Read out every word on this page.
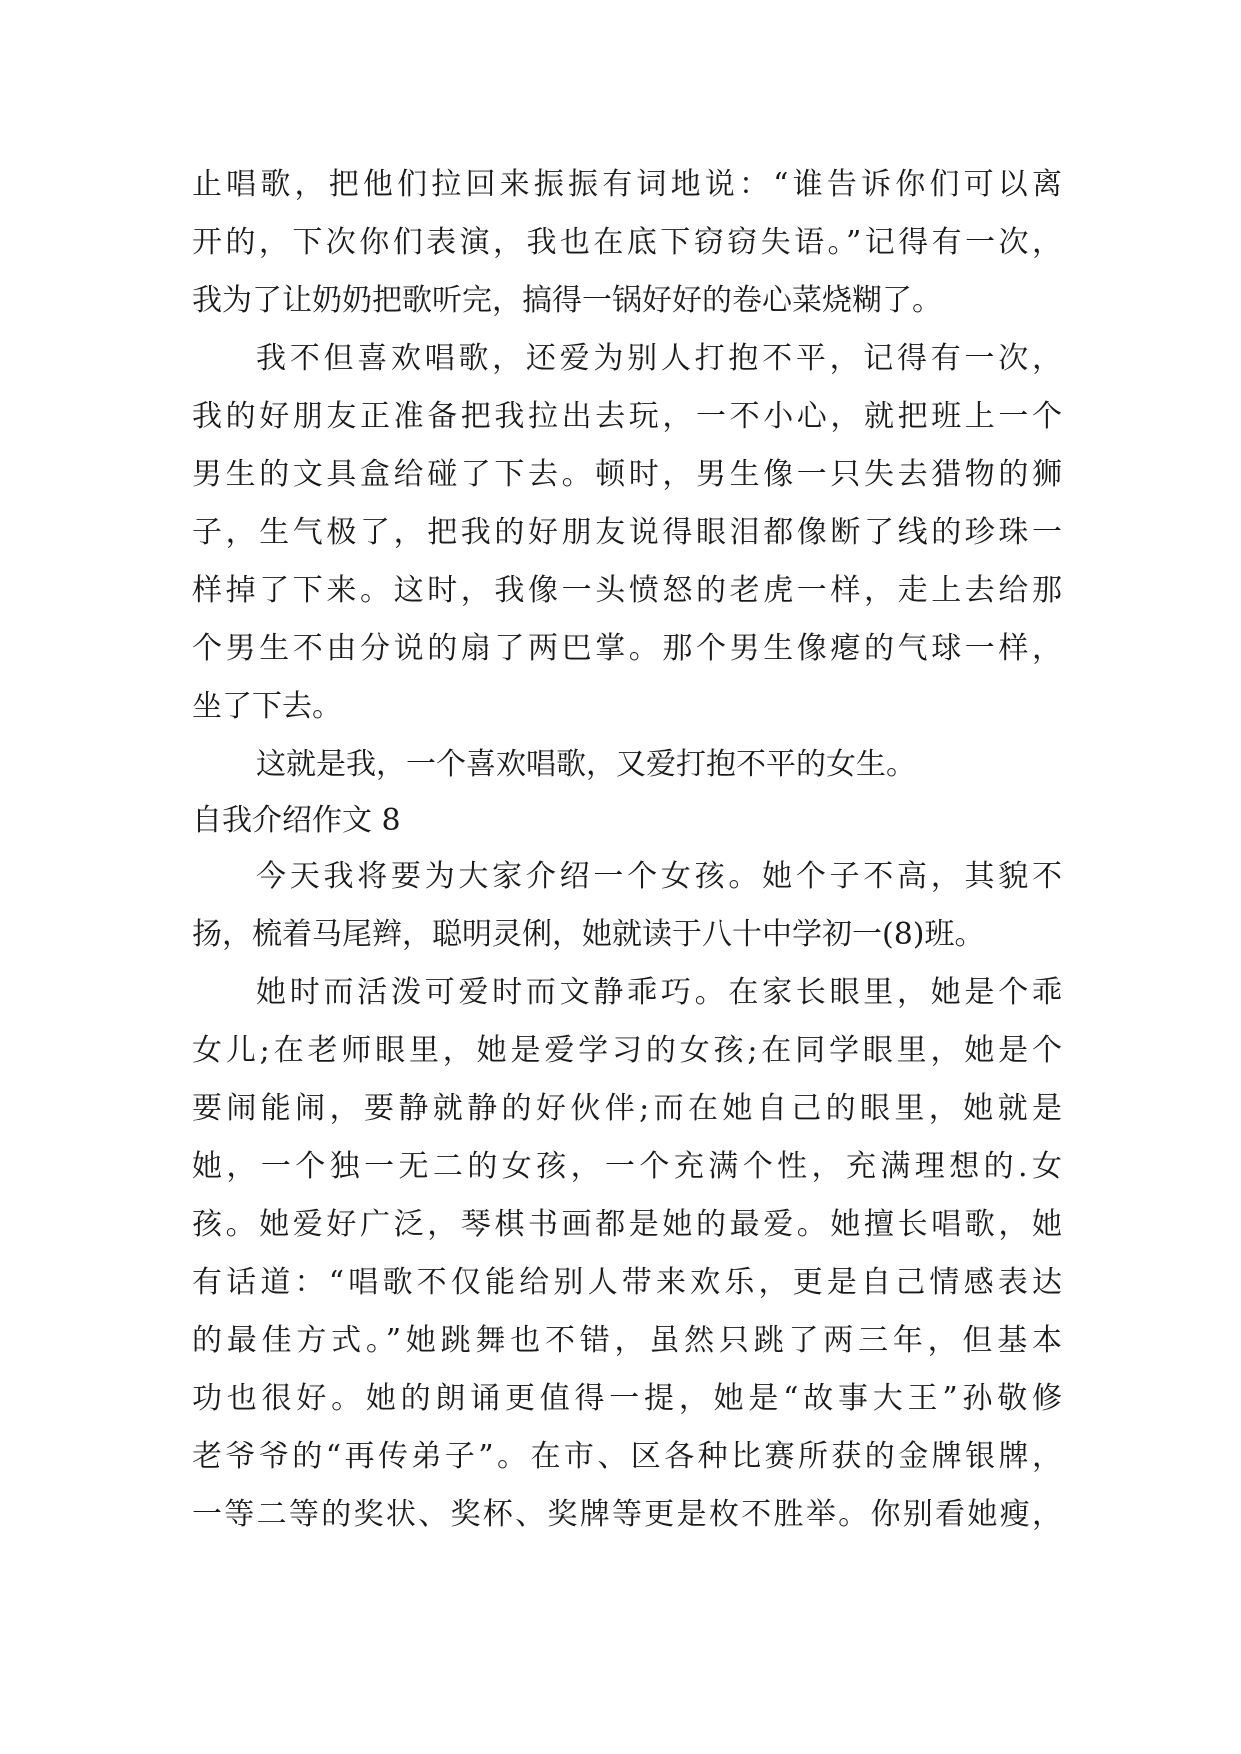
止唱歌，把他们拉回来振振有词地说：“谁告诉你们可以离
开的，下次你们表演，我也在底下窃窃失语。”记得有一次，
我为了让奶奶把歌听完，搞得一锅好好的卷心菜烧糊了。
我不但喜欢唱歌，还爱为别人打抱不平，记得有一次，
我的好朋友正准备把我拉出去玩，一不小心，就把班上一个
男生的文具盒给碰了下去。顿时，男生像一只失去猎物的狮
子，生气极了，把我的好朋友说得眼泪都像断了线的珍珠一
样掉了下来。这时，我像一头愤怒的老虎一样，走上去给那
个男生不由分说的扇了两巴掌。那个男生像瘪的气球一样，
坐了下去。
这就是我，一个喜欢唱歌，又爱打抱不平的女生。
自我介绍作文 8
今天我将要为大家介绍一个女孩。她个子不高，其貌不
扬，梳着马尾辫，聪明灵俐，她就读于八十中学初一(8)班。
她时而活泼可爱时而文静乖巧。在家长眼里，她是个乖
女儿;在老师眼里，她是爱学习的女孩;在同学眼里，她是个
要闹能闹，要静就静的好伙伴;而在她自己的眼里，她就是
她，一个独一无二的女孩，一个充满个性，充满理想的.女
孩。她爱好广泛，琴棋书画都是她的最爱。她擅长唱歌，她
有话道：“唱歌不仅能给别人带来欢乐，更是自己情感表达
的最佳方式。”她跳舞也不错，虽然只跳了两三年，但基本
功也很好。她的朗诵更值得一提，她是“故事大王”孙敬修
老爷爷的“再传弟子”。在市、区各种比赛所获的金牌银牌，
一等二等的奖状、奖杯、奖牌等更是枚不胜举。你别看她瘦，
